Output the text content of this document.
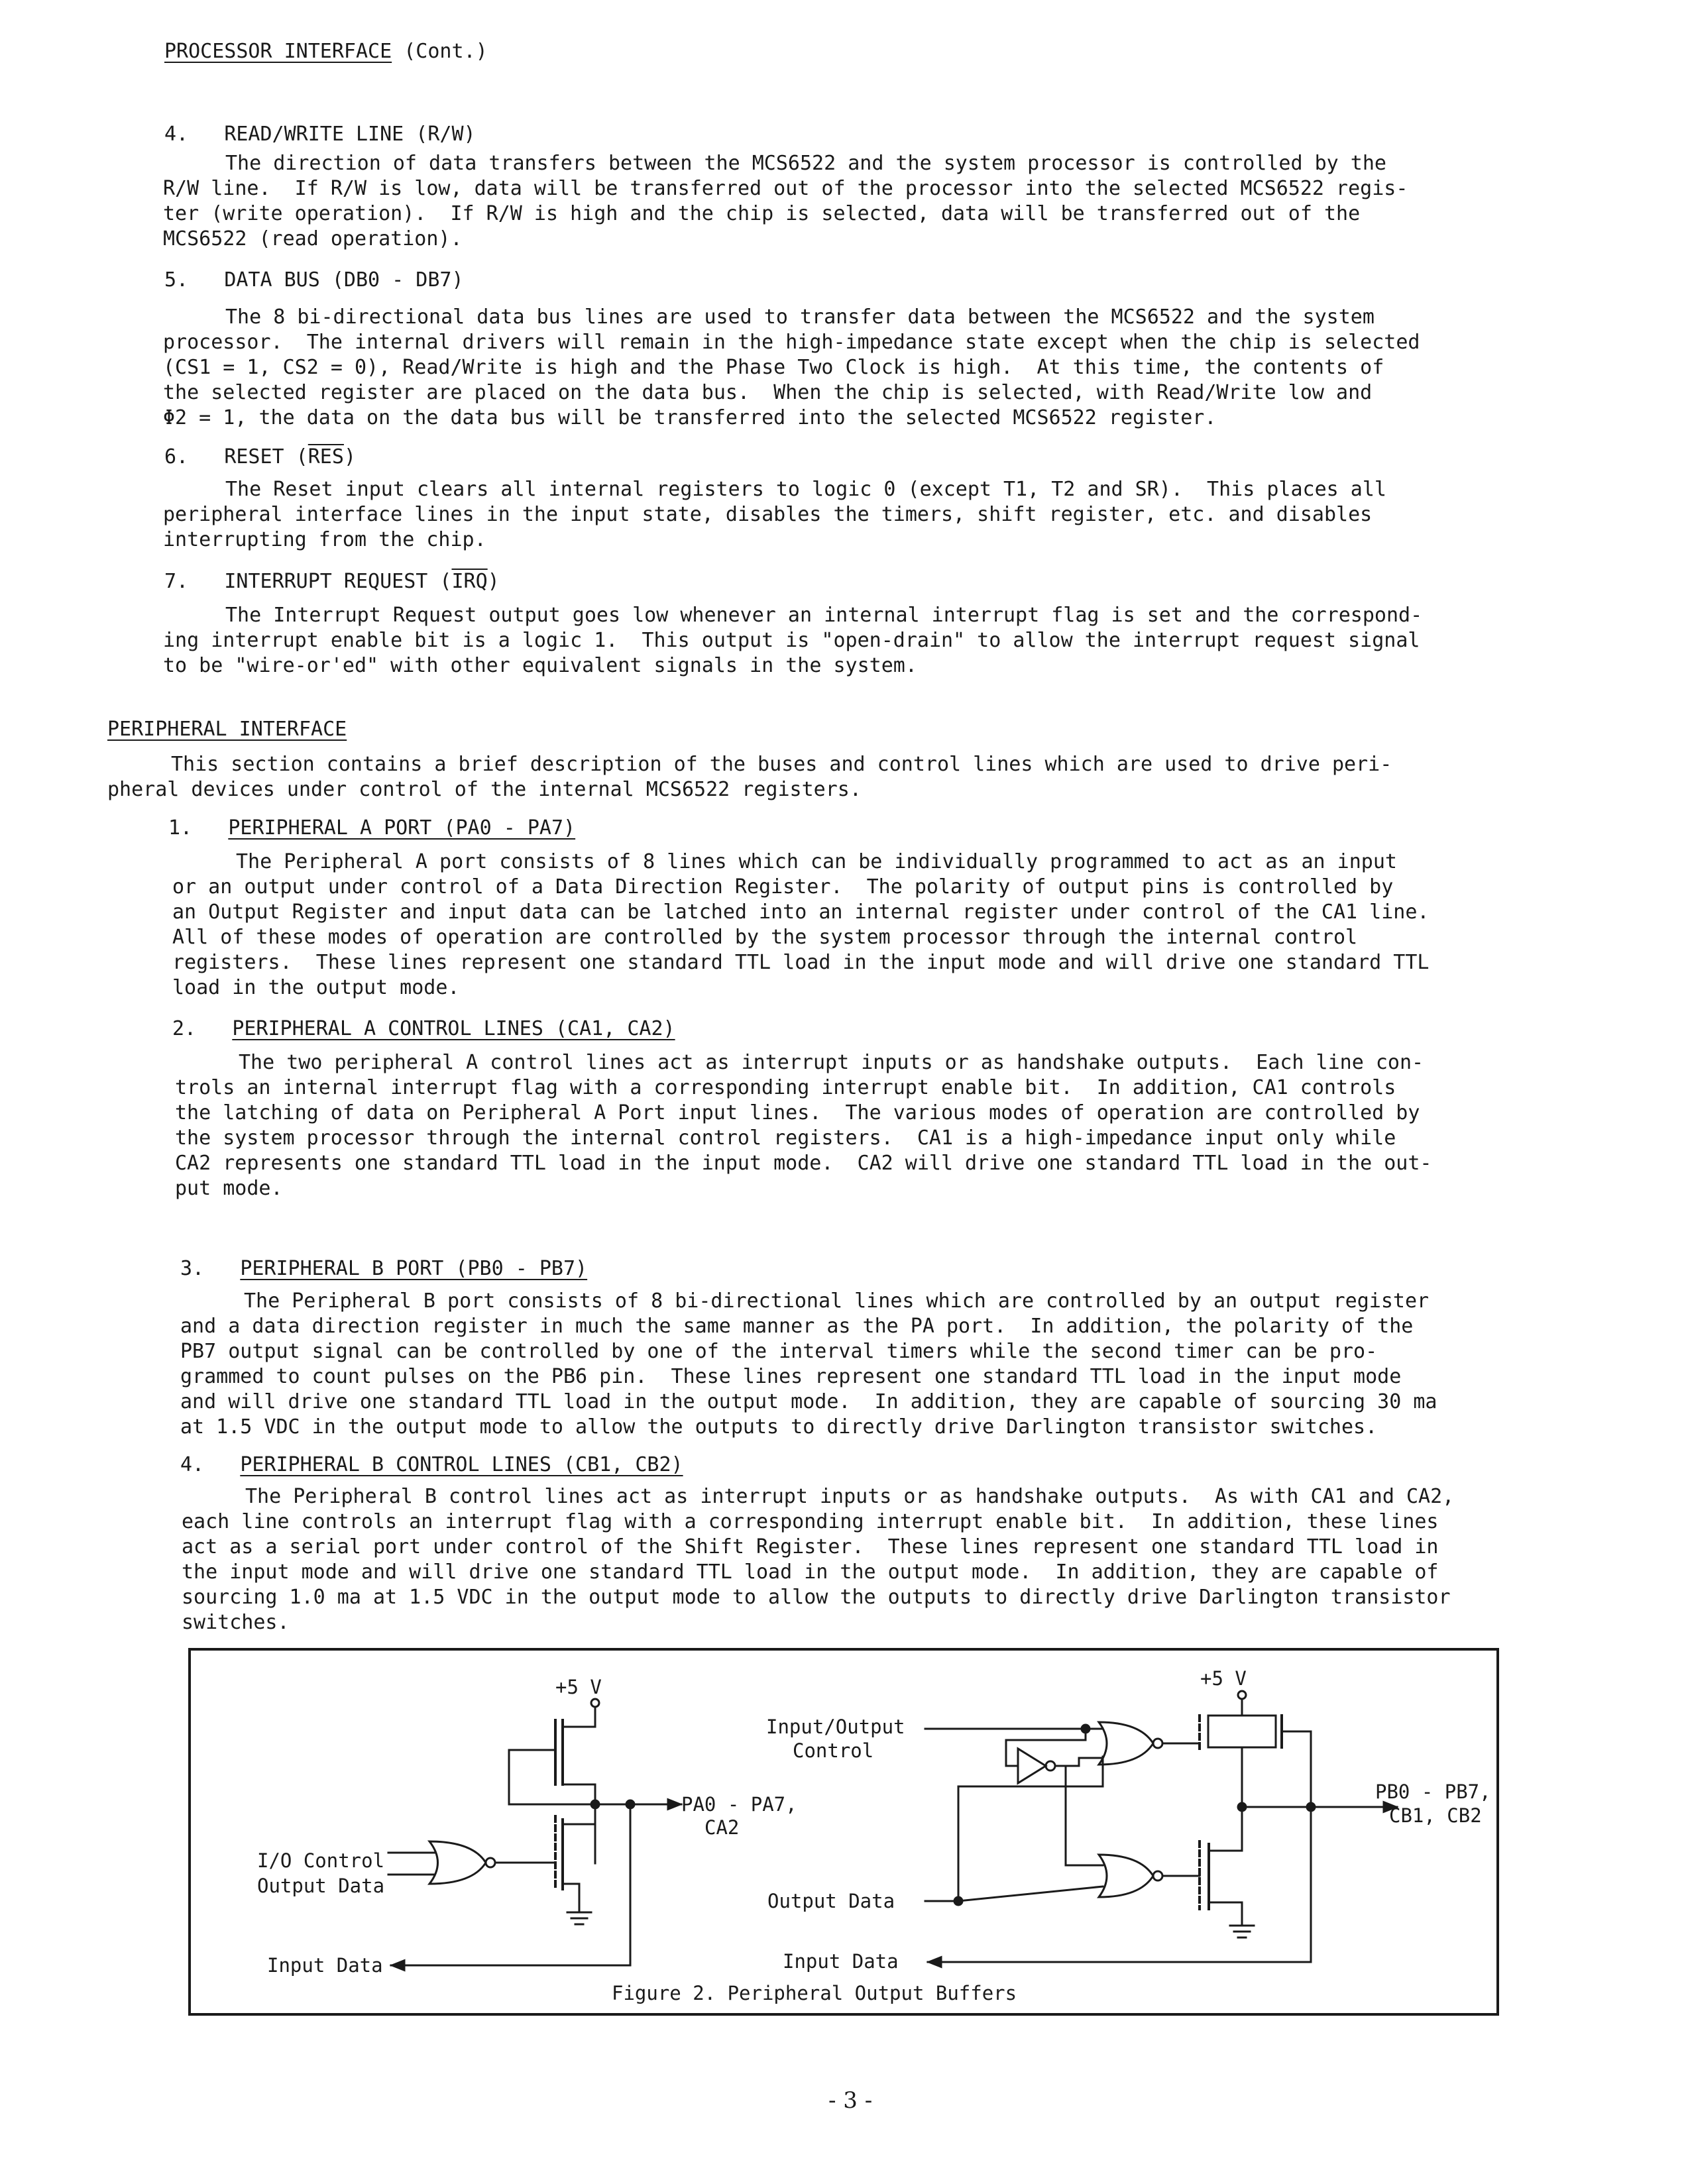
PROCESSOR INTERFACE (Cont.)
4. READ/WRITE LINE (R/W)
The direction of data transfers between the MCS6522 and the system processor is controlled by the
R/W line.  If R/W is low, data will be transferred out of the processor into the selected MCS6522 regis-
ter (write operation).  If R/W is high and the chip is selected, data will be transferred out of the
MCS6522 (read operation).
5. DATA BUS (DB0 - DB7)
The 8 bi-directional data bus lines are used to transfer data between the MCS6522 and the system
processor.  The internal drivers will remain in the high-impedance state except when the chip is selected
(CS1 = 1, CS2 = 0), Read/Write is high and the Phase Two Clock is high.  At this time, the contents of
the selected register are placed on the data bus.  When the chip is selected, with Read/Write low and
Φ2 = 1, the data on the data bus will be transferred into the selected MCS6522 register.
6. RESET $(\overline{RES})$
The Reset input clears all internal registers to logic 0 (except T1, T2 and SR).  This places all
peripheral interface lines in the input state, disables the timers, shift register, etc. and disables
interrupting from the chip.
7. INTERRUPT REQUEST $(\overline{IRQ})$
The Interrupt Request output goes low whenever an internal interrupt flag is set and the correspond-
ing interrupt enable bit is a logic 1.  This output is "open-drain" to allow the interrupt request signal
to be "wire-or'ed" with other equivalent signals in the system.
PERIPHERAL INTERFACE
This section contains a brief description of the buses and control lines which are used to drive peri-
pheral devices under control of the internal MCS6522 registers.
1. PERIPHERAL A PORT (PA0 - PA7)
The Peripheral A port consists of 8 lines which can be individually programmed to act as an input
or an output under control of a Data Direction Register.  The polarity of output pins is controlled by
an Output Register and input data can be latched into an internal register under control of the CA1 line.
All of these modes of operation are controlled by the system processor through the internal control
registers.  These lines represent one standard TTL load in the input mode and will drive one standard TTL
load in the output mode.
2. PERIPHERAL A CONTROL LINES (CA1, CA2)
The two peripheral A control lines act as interrupt inputs or as handshake outputs.  Each line con-
trols an internal interrupt flag with a corresponding interrupt enable bit.  In addition, CA1 controls
the latching of data on Peripheral A Port input lines.  The various modes of operation are controlled by
the system processor through the internal control registers.  CA1 is a high-impedance input only while
CA2 represents one standard TTL load in the input mode.  CA2 will drive one standard TTL load in the out-
put mode.
3. PERIPHERAL B PORT (PB0 - PB7)
The Peripheral B port consists of 8 bi-directional lines which are controlled by an output register
and a data direction register in much the same manner as the PA port.  In addition, the polarity of the
PB7 output signal can be controlled by one of the interval timers while the second timer can be pro-
grammed to count pulses on the PB6 pin.  These lines represent one standard TTL load in the input mode
and will drive one standard TTL load in the output mode.  In addition, they are capable of sourcing 30 ma
at 1.5 VDC in the output mode to allow the outputs to directly drive Darlington transistor switches.
4. PERIPHERAL B CONTROL LINES (CB1, CB2)
The Peripheral B control lines act as interrupt inputs or as handshake outputs.  As with CA1 and CA2,
each line controls an interrupt flag with a corresponding interrupt enable bit.  In addition, these lines
act as a serial port under control of the Shift Register.  These lines represent one standard TTL load in
the input mode and will drive one standard TTL load in the output mode.  In addition, they are capable of
sourcing 1.0 ma at 1.5 VDC in the output mode to allow the outputs to directly drive Darlington transistor
switches.
+5 V
I/O Control
Output Data
PA0 - PA7,
CA2
Input Data
+5 V
Input/Output
Control
Output Data
PB0 - PB7,
CB1, CB2
Input Data
Figure 2. Peripheral Output Buffers
- 3 -
